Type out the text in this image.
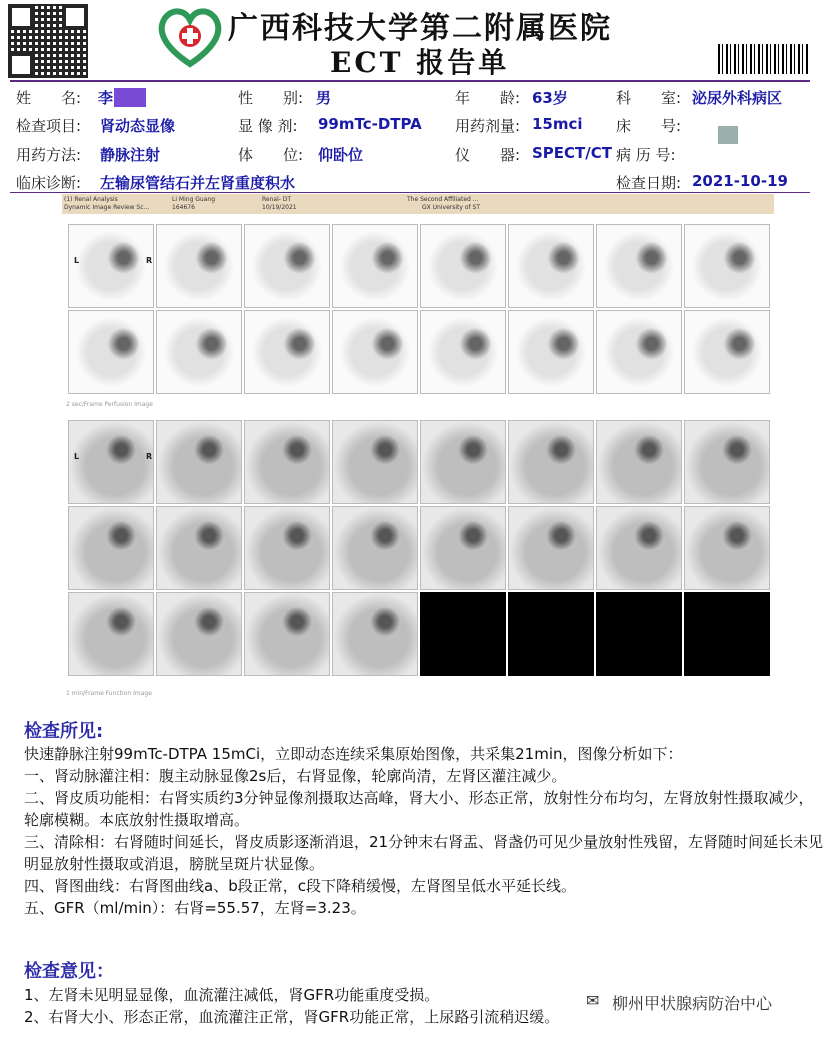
广西科技大学第二附属医院
ECT 报告单
姓　　名: 李	性　　别: 男	年　　龄: 63岁	科　　室: 泌尿外科病区
检查项目: 肾动态显像	显 像 剂: 99mTc-DTPA 用药剂量: 15mci 床　　号:
用药方法: 静脉注射	体　　位: 仰卧位	仪　　器: SPECT/CT 病 历 号:
临床诊断: 左输尿管结石并左肾重度积水	检查日期: 2021-10-19
(1) Renal Analysis
Dynamic Image Review Sc...
Li Ming Guang
164676
Renal- DT
10/19/2021
The Second Affiliated ...
GX University of ST
L	R
2 sec/Frame Perfusion Image
L	R
1 min/Frame Function Image
检查所见:
快速静脉注射99mTc-DTPA 15mCi，立即动态连续采集原始图像，共采集21min，图像分析如下：
一、肾动脉灌注相：腹主动脉显像2s后，右肾显像，轮廓尚清，左肾区灌注减少。
二、肾皮质功能相：右肾实质约3分钟显像剂摄取达高峰，肾大小、形态正常，放射性分布均匀，左肾放射性摄取减少，轮廓模糊。本底放射性摄取增高。
三、清除相：右肾随时间延长，肾皮质影逐渐消退，21分钟末右肾盂、肾盏仍可见少量放射性残留，左肾随时间延长未见明显放射性摄取或消退，膀胱呈斑片状显像。
四、肾图曲线：右肾图曲线a、b段正常，c段下降稍缓慢，左肾图呈低水平延长线。
五、GFR（ml/min）：右肾=55.57，左肾=3.23。
检查意见：
1、左肾未见明显显像，血流灌注减低，肾GFR功能重度受损。
2、右肾大小、形态正常，血流灌注正常，肾GFR功能正常，上尿路引流稍迟缓。
✉ 柳州甲状腺病防治中心
